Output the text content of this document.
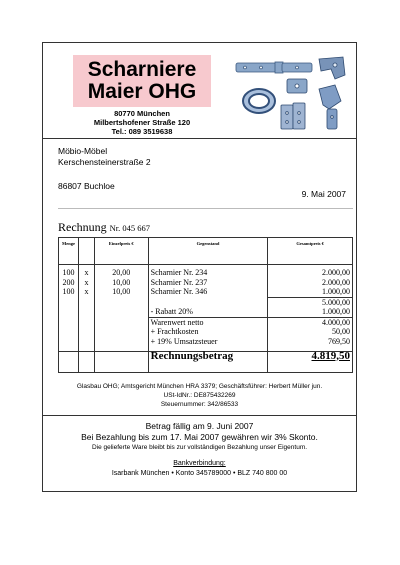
Scharniere
Maier OHG
80770 München
Milbertshofener Straße 120
Tel.: 089 3519638
Möbio-Möbel
Kerschensteinerstraße 2
86807 Buchloe
9. Mai 2007
Rechnung Nr. 045 667
Menge		Einzelpreis €	Gegenstand	Gesamtpreis €
100	x	20,00	Scharnier Nr. 234	2.000,00
200	x	10,00	Scharnier Nr. 237	2.000,00
100	x	10,00	Scharnier Nr. 346	1.000,00
				5.000,00
			- Rabatt 20%	1.000,00
			Warenwert netto	4.000,00
			+ Frachtkosten	50,00
			+ 19% Umsatzsteuer	769,50
			Rechnungsbetrag	4.819,50
Glasbau OHG; Amtsgericht München HRA 3379; Geschäftsführer: Herbert Müller jun.
USt-IdNr.: DE875432269
Steuernummer: 342/86533
Betrag fällig am 9. Juni 2007
Bei Bezahlung bis zum 17. Mai 2007 gewähren wir 3% Skonto.
Die gelieferte Ware bleibt bis zur vollständigen Bezahlung unser Eigentum.
Bankverbindung:
Isarbank München • Konto 345789000 • BLZ 740 800 00
